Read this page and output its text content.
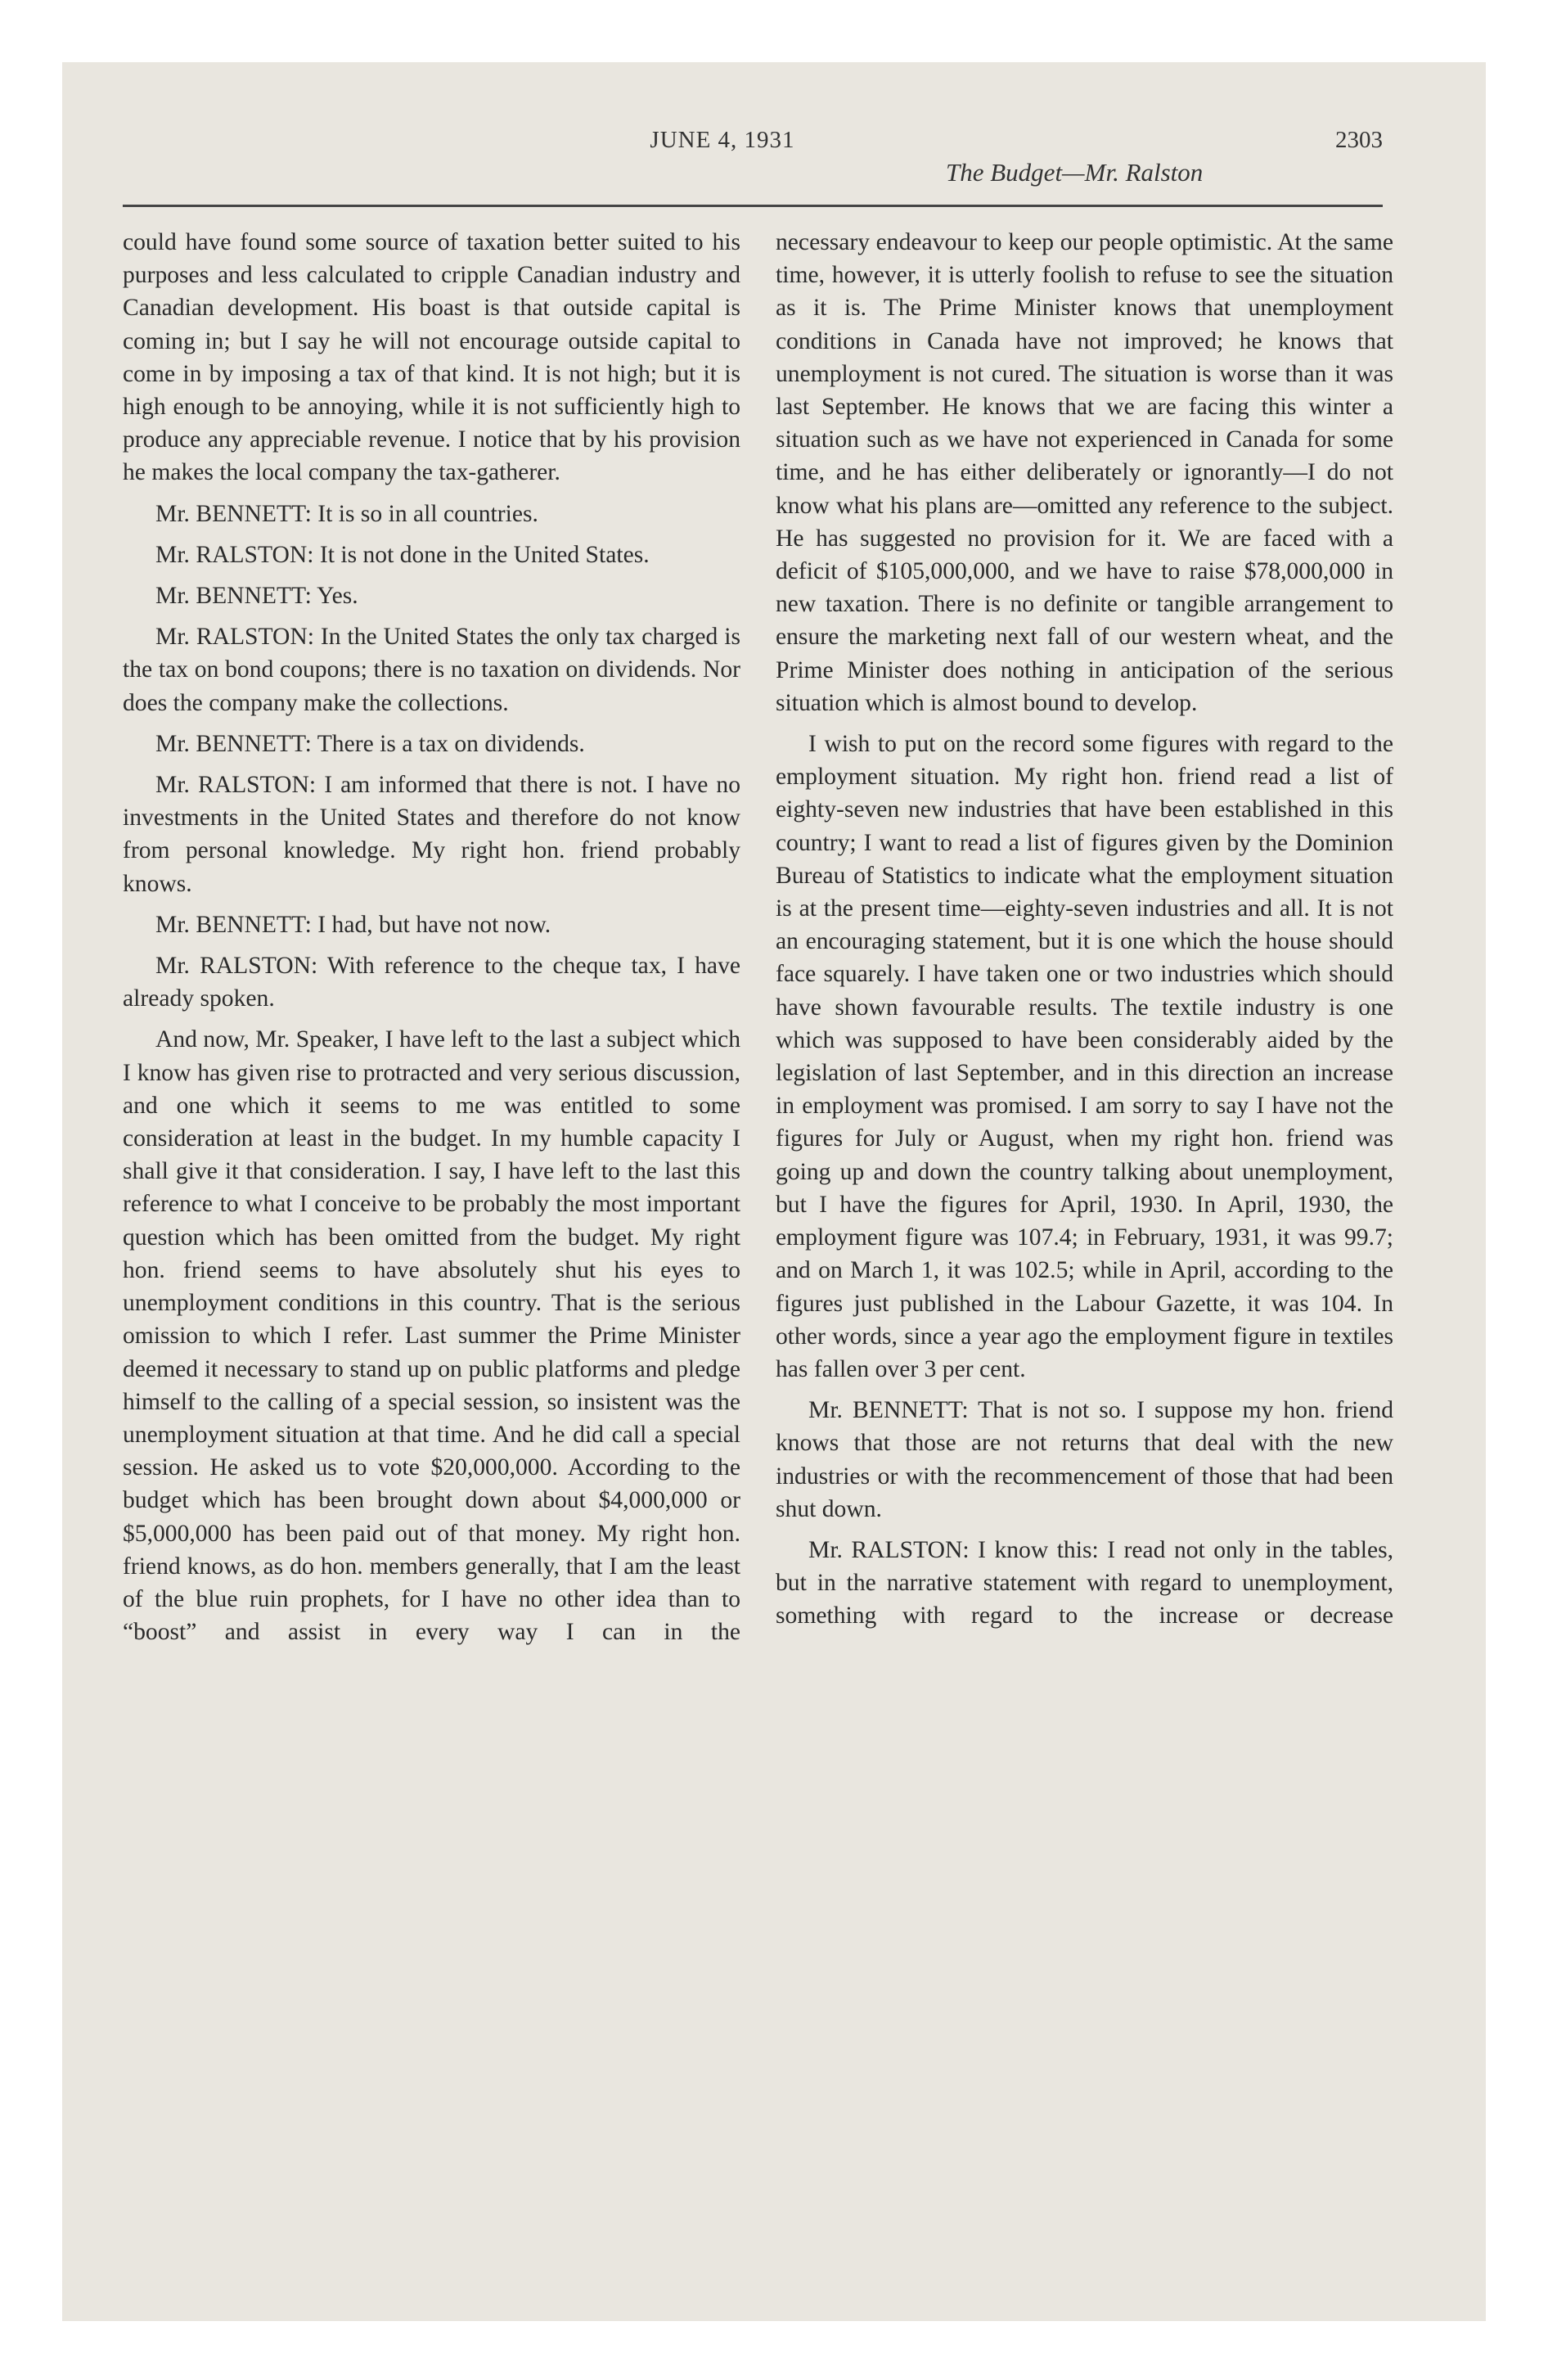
JUNE 4, 1931
The Budget—Mr. Ralston
2303

could have found some source of taxation better suited to his purposes and less calculated to cripple Canadian industry and Canadian development. His boast is that outside capital is coming in; but I say he will not encourage outside capital to come in by imposing a tax of that kind. It is not high; but it is high enough to be annoying, while it is not sufficiently high to produce any appreciable revenue. I notice that by his provision he makes the local company the tax-gatherer.

Mr. BENNETT: It is so in all countries.

Mr. RALSTON: It is not done in the United States.

Mr. BENNETT: Yes.

Mr. RALSTON: In the United States the only tax charged is the tax on bond coupons; there is no taxation on dividends. Nor does the company make the collections.

Mr. BENNETT: There is a tax on dividends.

Mr. RALSTON: I am informed that there is not. I have no investments in the United States and therefore do not know from personal knowledge. My right hon. friend probably knows.

Mr. BENNETT: I had, but have not now.

Mr. RALSTON: With reference to the cheque tax, I have already spoken.

And now, Mr. Speaker, I have left to the last a subject which I know has given rise to protracted and very serious discussion, and one which it seems to me was entitled to some consideration at least in the budget. In my humble capacity I shall give it that consideration. I say, I have left to the last this reference to what I conceive to be probably the most important question which has been omitted from the budget. My right hon. friend seems to have absolutely shut his eyes to unemployment conditions in this country. That is the serious omission to which I refer. Last summer the Prime Minister deemed it necessary to stand up on public platforms and pledge himself to the calling of a special session, so insistent was the unemployment situation at that time. And he did call a special session. He asked us to vote $20,000,000. According to the budget which has been brought down about $4,000,000 or $5,000,000 has been paid out of that money. My right hon. friend knows, as do hon. members generally, that I am the least of the blue ruin prophets, for I have no other idea than to “boost” and assist in every way I can in the

necessary endeavour to keep our people optimistic. At the same time, however, it is utterly foolish to refuse to see the situation as it is. The Prime Minister knows that unemployment conditions in Canada have not improved; he knows that unemployment is not cured. The situation is worse than it was last September. He knows that we are facing this winter a situation such as we have not experienced in Canada for some time, and he has either deliberately or ignorantly—I do not know what his plans are—omitted any reference to the subject. He has suggested no provision for it. We are faced with a deficit of $105,000,000, and we have to raise $78,000,000 in new taxation. There is no definite or tangible arrangement to ensure the marketing next fall of our western wheat, and the Prime Minister does nothing in anticipation of the serious situation which is almost bound to develop.

I wish to put on the record some figures with regard to the employment situation. My right hon. friend read a list of eighty-seven new industries that have been established in this country; I want to read a list of figures given by the Dominion Bureau of Statistics to indicate what the employment situation is at the present time—eighty-seven industries and all. It is not an encouraging statement, but it is one which the house should face squarely. I have taken one or two industries which should have shown favourable results. The textile industry is one which was supposed to have been considerably aided by the legislation of last September, and in this direction an increase in employment was promised. I am sorry to say I have not the figures for July or August, when my right hon. friend was going up and down the country talking about unemployment, but I have the figures for April, 1930. In April, 1930, the employment figure was 107.4; in February, 1931, it was 99.7; and on March 1, it was 102.5; while in April, according to the figures just published in the Labour Gazette, it was 104. In other words, since a year ago the employment figure in textiles has fallen over 3 per cent.

Mr. BENNETT: That is not so. I suppose my hon. friend knows that those are not returns that deal with the new industries or with the recommencement of those that had been shut down.

Mr. RALSTON: I know this: I read not only in the tables, but in the narrative statement with regard to unemployment, something with regard to the increase or decrease
